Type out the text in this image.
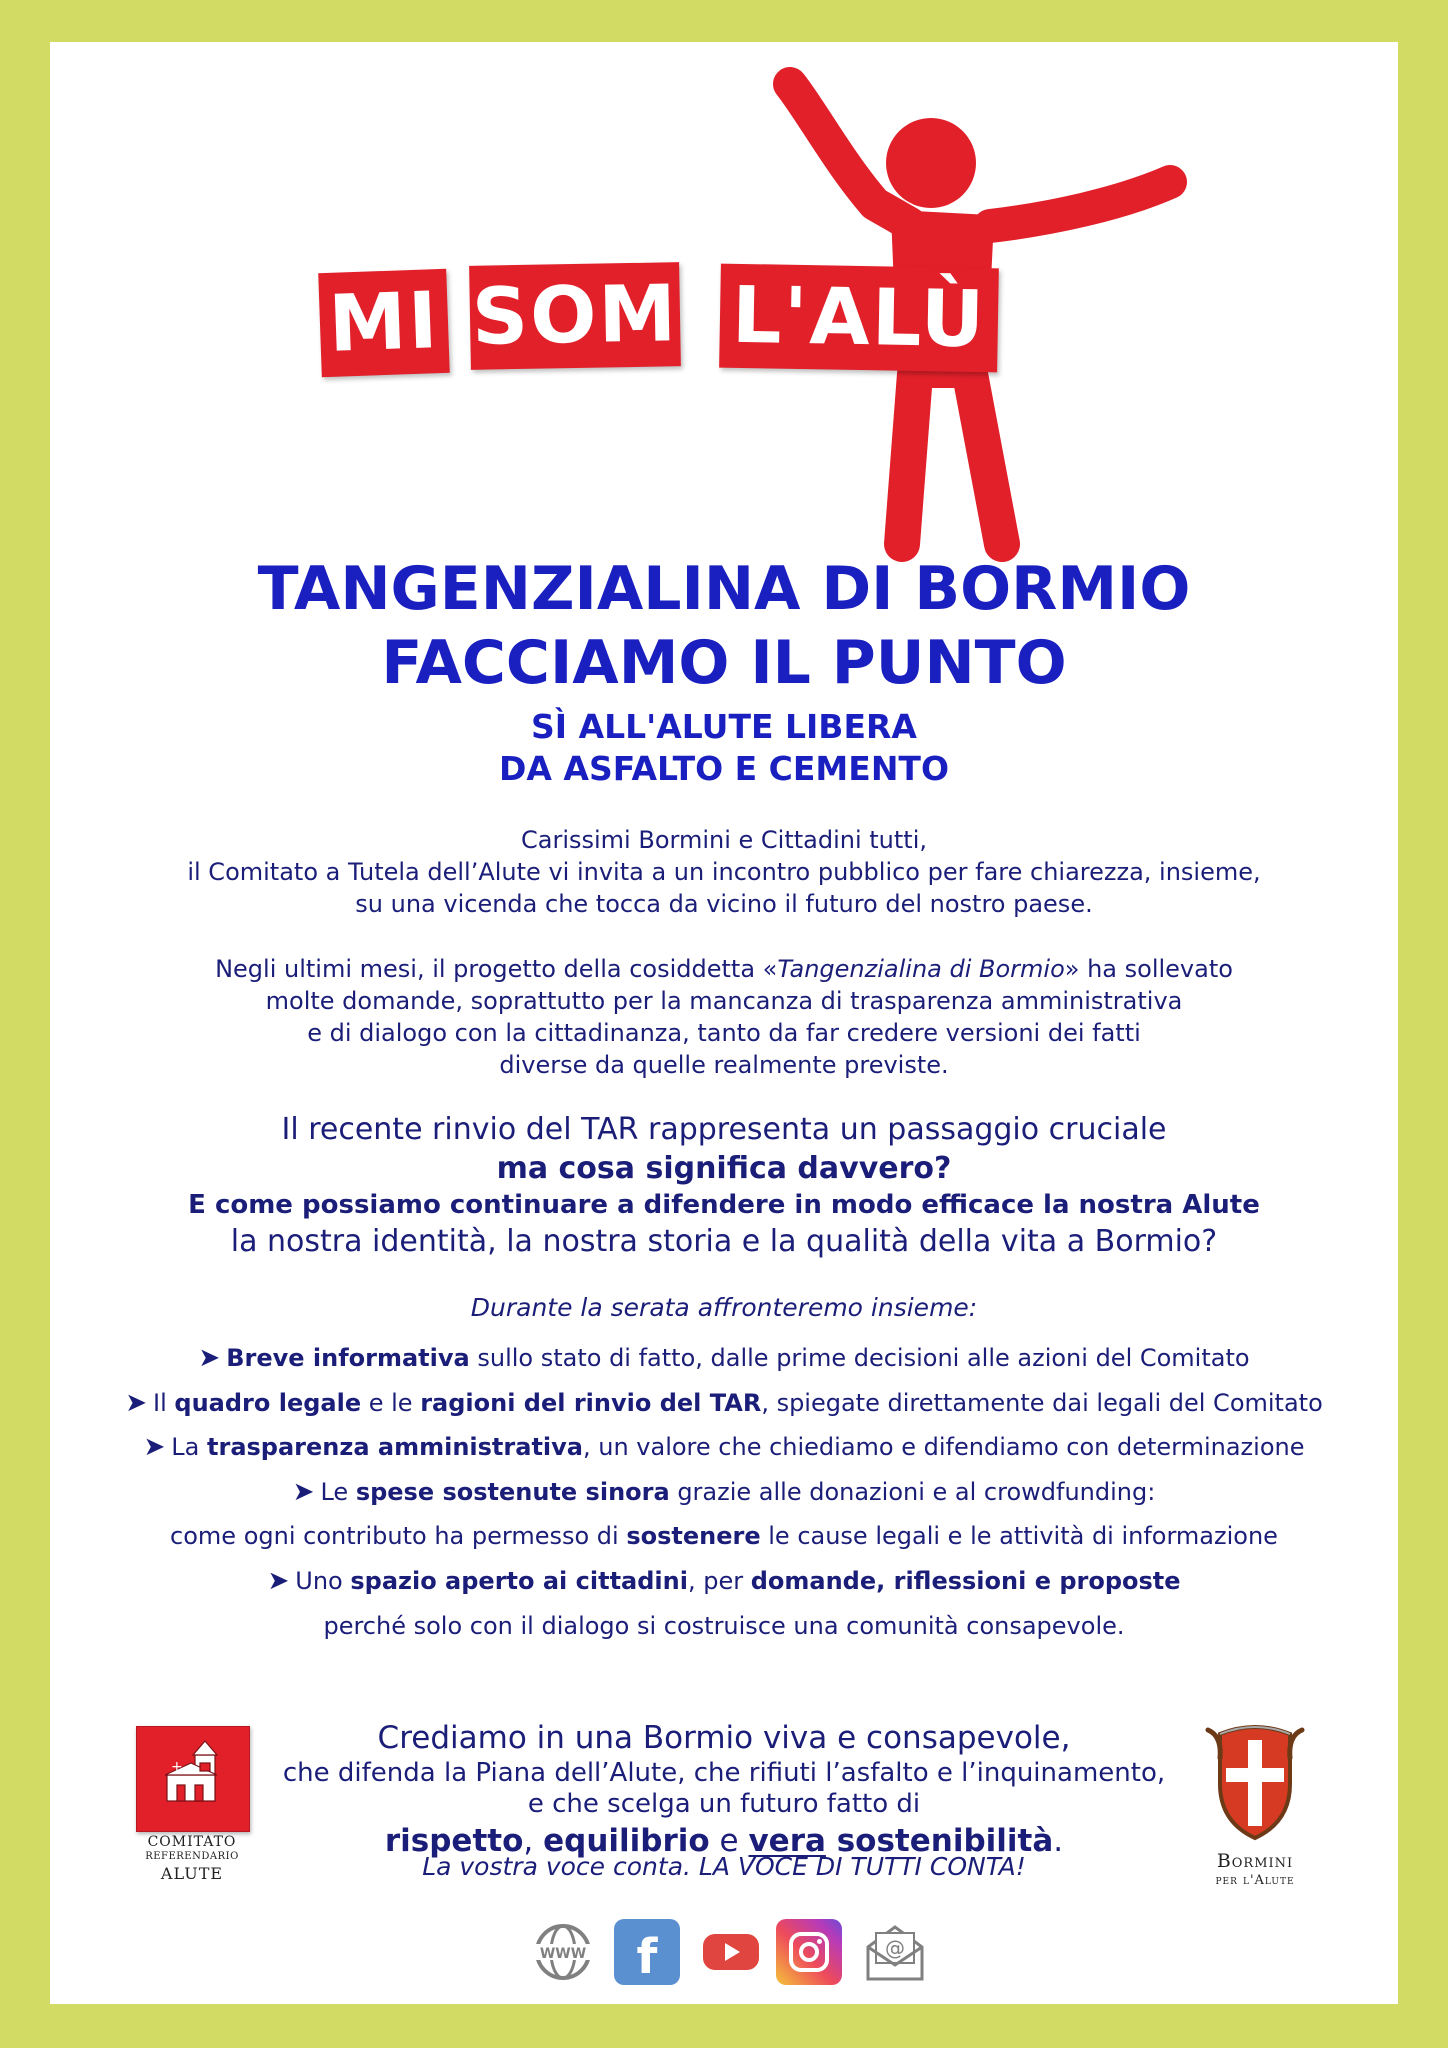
MI SOM L'ALÙ
TANGENZIALINA DI BORMIO
FACCIAMO IL PUNTO
SÌ ALL'ALUTE LIBERA
DA ASFALTO E CEMENTO
Carissimi Bormini e Cittadini tutti,
il Comitato a Tutela dell’Alute vi invita a un incontro pubblico per fare chiarezza, insieme,
su una vicenda che tocca da vicino il futuro del nostro paese.
Negli ultimi mesi, il progetto della cosiddetta «Tangenzialina di Bormio» ha sollevato
molte domande, soprattutto per la mancanza di trasparenza amministrativa
e di dialogo con la cittadinanza, tanto da far credere versioni dei fatti
diverse da quelle realmente previste.
Il recente rinvio del TAR rappresenta un passaggio cruciale
ma cosa significa davvero?
E come possiamo continuare a difendere in modo efficace la nostra Alute
la nostra identità, la nostra storia e la qualità della vita a Bormio?
Durante la serata affronteremo insieme:
➤ Breve informativa sullo stato di fatto, dalle prime decisioni alle azioni del Comitato
➤ Il quadro legale e le ragioni del rinvio del TAR, spiegate direttamente dai legali del Comitato
➤ La trasparenza amministrativa, un valore che chiediamo e difendiamo con determinazione
➤ Le spese sostenute sinora grazie alle donazioni e al crowdfunding:
come ogni contributo ha permesso di sostenere le cause legali e le attività di informazione
➤ Uno spazio aperto ai cittadini, per domande, riflessioni e proposte
perché solo con il dialogo si costruisce una comunità consapevole.
Crediamo in una Bormio viva e consapevole,
che difenda la Piana dell’Alute, che rifiuti l’asfalto e l’inquinamento,
e che scelga un futuro fatto di
rispetto, equilibrio e vera sostenibilità.
La vostra voce conta. LA VOCE DI TUTTI CONTA!
+
COMITATO
REFERENDARIO
ALUTE
Bormini
per l'Alute
WWW f	@
